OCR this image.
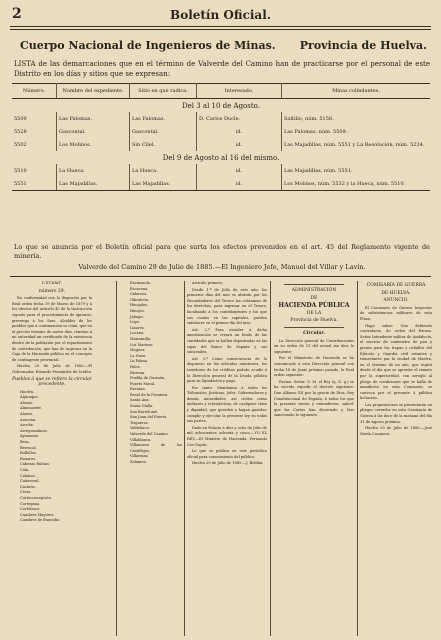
2	Boletín Oficial.
Cuerpo Nacional de Ingenieros de Minas. Provincia de Huelva.
LISTA de las demarcaciones que en el término de Valverde del Camino han de practicarse por el personal de este Distrito en los días y sitios que se expresan:
Número.	Nombre del expediente.	Sitio en que radica.	Interesado.	Minas colindantes.
Del 3 al 10 de Agosto.				
5509	Las Palomas.	Las Palomas.	D. Carlos Ducle.	Saltillo, núm. 5158.
5528	Gascontal.	Gascontal.	id.	Las Palomas, núm. 5509.
5502	Los Molinos.	Sin Cilel.	id.	Las Majadillas, núm. 5551 y La Resolución, núm. 5224.
Del 9 de Agosto al 16 del mismo.				
5510	La Hueca.	La Hueca.	id.	Las Majadillas, núm. 5551.
5551	Las Majadillas.	Las Majadillas.	id.	Los Molinos, núm. 5532 y la Hueca, núm. 5510.
Lo que se anuncia por el Boletín oficial para que surta los efectos prevenidos en el art. 45 del Reglamento vigente de minería.
Valverde del Camino 29 de Julio de 1885.—El Ingeniero Jefe, Manuel del Villar y Lavín.

Circular.

número 29.

En conformidad con lo dispuesto por la Real orden fecha 19 de Marzo de 1879 y á los efectos del artículo 45 de la Instrucción vigente para el procedimiento de apremio, prevengo á los Sres. Alcaldes de los pueblos que á continuación se citan, que en el preciso término de nueve días, remitan á mi autoridad un certificado de la existencia dentro de la población por el repartimiento de contribución, que han de ingresar en la Caja de la Hacienda pública en el concepto de contingente provincial.

Huelva 29 de Julio de 1885.—El Gobernador, Eduardo Fernández de Scidón.

Pueblos á que se refiere la circular precedente.

Huelva.
Aljaraque.
Alosno.
Almonaster.
Alonso.
Aracena.
Aroche.
Arroyomolinos.
Ayamonte.
Beas.
Berrocal.
Bollullos.
Bonares.
Cabezas Rubias.
Cala.
Calañas.
Cañaveral.
Castaño.
Cerro.
Corteconcepción.
Cortegana.
Cortelazor.
Cumbres Mayores.
Cumbres de Enmedio.
Encinasola.
Escacena.
Galaroza.
Gibraleón.
Hinojales.
Hinojos.
Jabugo.
Lepe.
Linares.
Lucena.
Manzanilla.
Los Marines.
Moguer.
La Nava.
La Palma.
Palos.
Paterna.
Puebla de Guzmán.
Puerto Moral.
Rociana.
Rosal de la Frontera.
Santa Ana.
Santa Olalla.
San Bartolomé.
San Juan del Puerto.
Trigueros.
Valdelarco.
Valverde del Camino.
Villablanca.
Villanueva de los Castillejos.
Villarrasa.
Zalamea.

Artículo primero.

Desde 1.º de Julio de este año, los primeros días del mes se abrirán por los Recaudadores del Tesoro las cobranzas de los derechos, para ingresar en el Tesoro, facultando á los contribuyentes y los que sus cuotas en las capitales, pueden satisfacer en el primer día del mes.

Art. 2.º Para atender á dicha amortización se creará un fondo de las cantidades que se hallen depositadas en las cajas del Banco de España y sus sucursales.

Art. 3.º Como consecuencia de lo dispuesto en los artículos anteriores, los tenedores de los créditos podrán acudir á la Dirección general de la Deuda pública para su liquidación y pago.

Por tanto: Mandamos á todos los Tribunales, Justicias, Jefes, Gobernadores y demás Autoridades, así civiles como militares y eclesiásticas, de cualquier clase y dignidad, que guarden y hagan guardar, cumplir y ejecutar la presente ley en todas sus partes.

Dado en Palacio á diez y ocho de Julio de mil ochocientos ochenta y cinco.—YO EL REY.—El Ministro de Hacienda, Fernando Cos-Gayón.

Lo que se publica en este periódico oficial para conocimiento del público.

Huelva 29 de Julio de 1885.—J. Boldán.

ADMINISTRACIÓN

DE

HACIENDA PÚBLICA

DE LA

Provincia de Huelva.

Circular.

La Dirección general de Contribuciones en su orden de 13 del actual me dice lo siguiente:

Por el Ministerio de Hacienda se ha comunicado á esta Dirección general con fecha 18 de Junio próximo pasado, la Real orden siguiente:

Excmo. Señor: S. M. el Rey (q. D. g.) se ha servido expedir el decreto siguiente: Don Alfonso XII por la gracia de Dios, Rey Constitucional de España, á todos los que la presente vieren y entendieren, sabed: que las Cortes han decretado y Nos sancionado lo siguiente.

COMISARÍA DE GUERRA

DE HUELVA.

ANUNCIO.

El Comisario de Guerra Inspector de subsistencias militares de esta Plaza:

Hago saber: Que debiendo contratarse, de orden del Excmo. Señor Intendente militar de Andalucía, el servicio de suministro de pan y pienso para las tropas y caballos del Ejército y Guardia civil estantes y transeúntes por la ciudad de Huelva, en el término de un año, que regirá desde el día que se apruebe el remate por la superioridad, con arreglo al pliego de condiciones que se halla de manifiesto en esta Comisaría; se convoca por el presente á pública licitación.

Las proposiciones se presentarán en pliegos cerrados en esta Comisaría de Guerra á las doce de la mañana del día 31 de Agosto próximo.

Huelva 29 de Julio de 1885.—José María Casanova.
